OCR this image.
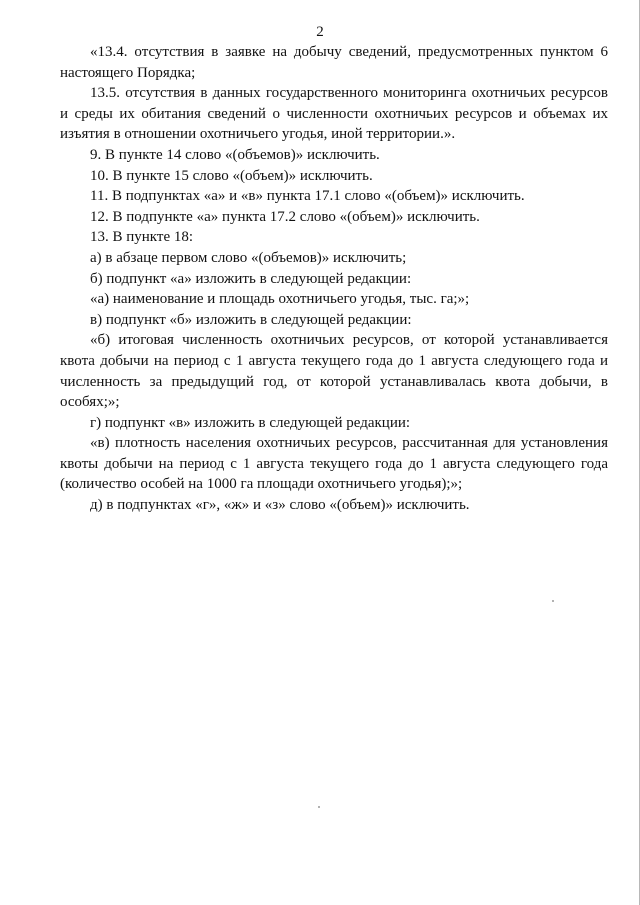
2

«13.4. отсутствия в заявке на добычу сведений, предусмотренных пунктом 6 настоящего Порядка;

13.5. отсутствия в данных государственного мониторинга охотничьих ресурсов и среды их обитания сведений о численности охотничьих ресурсов и объемах их изъятия в отношении охотничьего угодья, иной территории.».

9. В пункте 14 слово «(объемов)» исключить.

10. В пункте 15 слово «(объем)» исключить.

11. В подпунктах «а» и «в» пункта 17.1 слово «(объем)» исключить.

12. В подпункте «а» пункта 17.2 слово «(объем)» исключить.

13. В пункте 18:

а) в абзаце первом слово «(объемов)» исключить;

б) подпункт «а» изложить в следующей редакции:

«а) наименование и площадь охотничьего угодья, тыс. га;»;

в) подпункт «б» изложить в следующей редакции:

«б) итоговая численность охотничьих ресурсов, от которой устанавливается квота добычи на период с 1 августа текущего года до 1 августа следующего года и численность за предыдущий год, от которой устанавливалась квота добычи, в особях;»;

г) подпункт «в» изложить в следующей редакции:

«в) плотность населения охотничьих ресурсов, рассчитанная для установления квоты добычи на период с 1 августа текущего года до 1 августа следующего года (количество особей на 1000 га площади охотничьего угодья);»;

д) в подпунктах «г», «ж» и «з» слово «(объем)» исключить.
